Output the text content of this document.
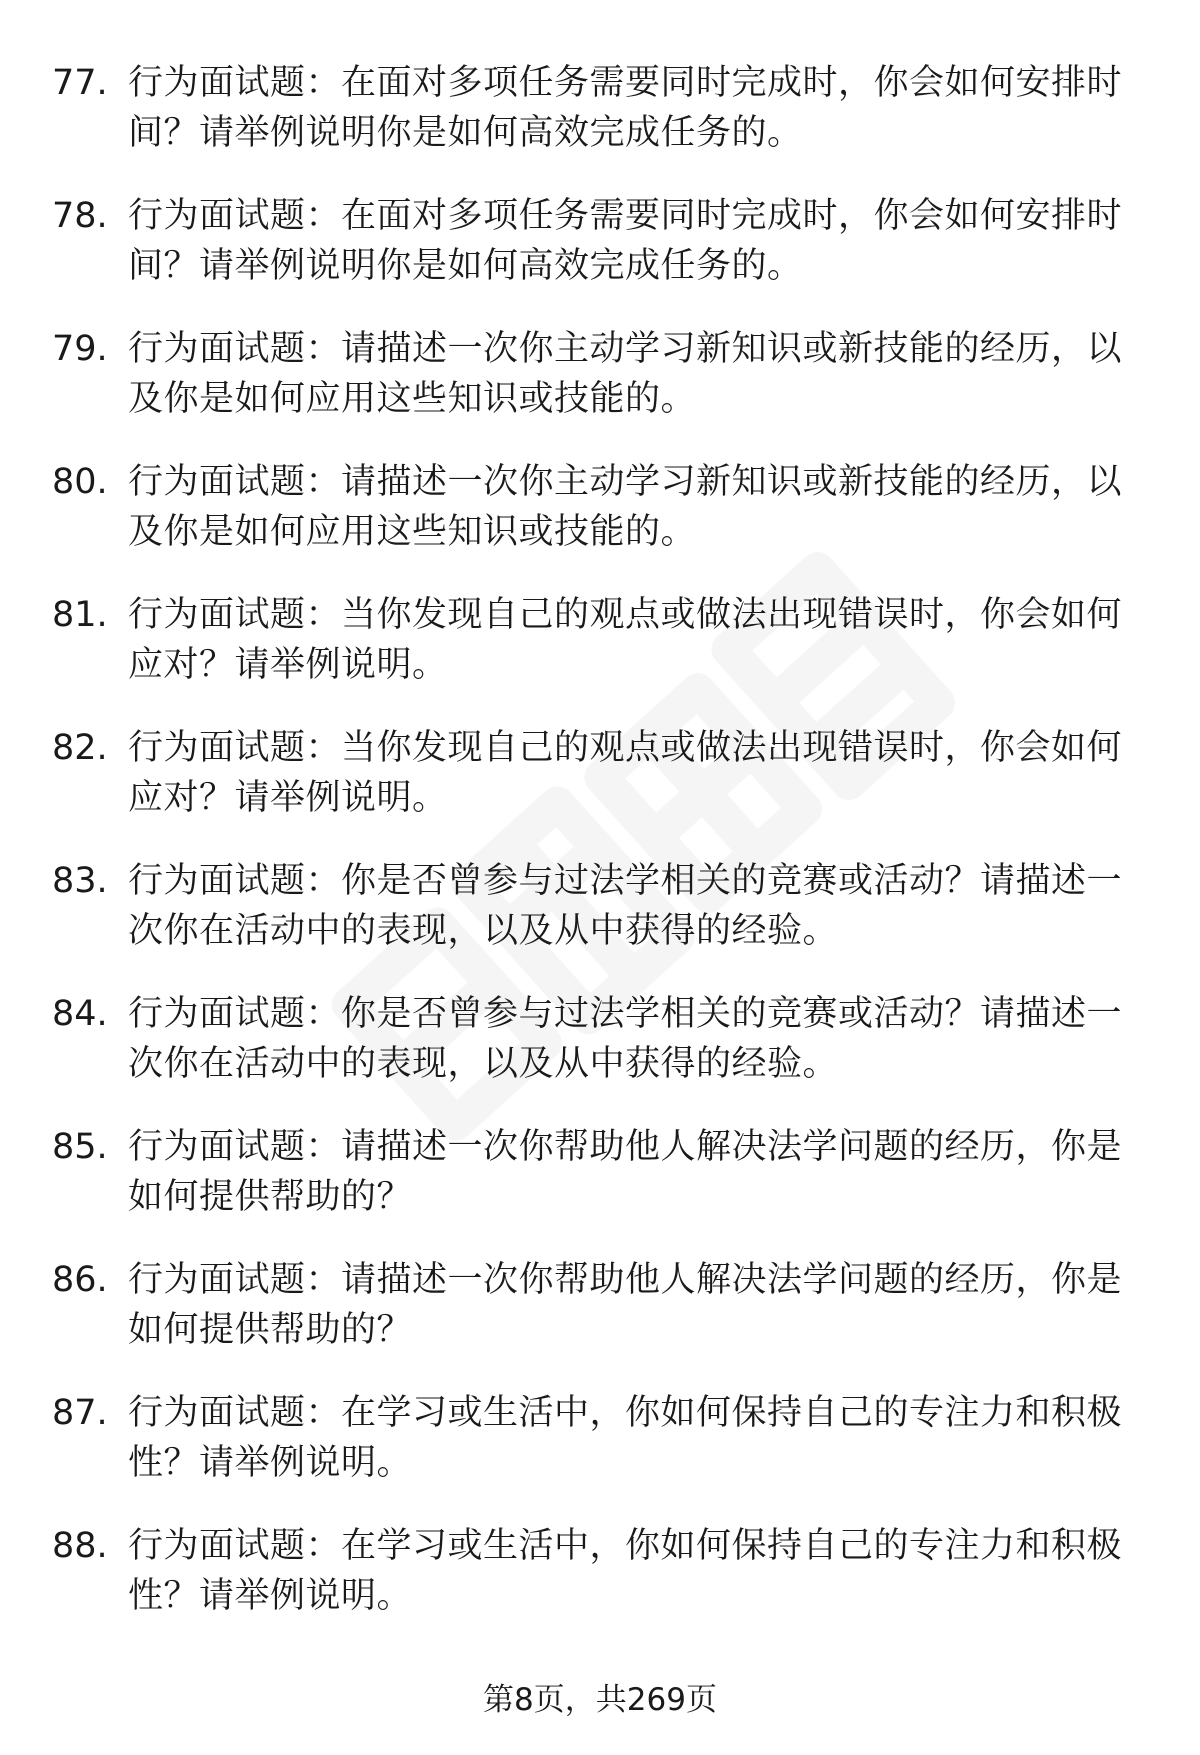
77. 行为面试题：在面对多项任务需要同时完成时，你会如何安排时间？请举例说明你是如何高效完成任务的。
78. 行为面试题：在面对多项任务需要同时完成时，你会如何安排时间？请举例说明你是如何高效完成任务的。
79. 行为面试题：请描述一次你主动学习新知识或新技能的经历，以及你是如何应用这些知识或技能的。
80. 行为面试题：请描述一次你主动学习新知识或新技能的经历，以及你是如何应用这些知识或技能的。
81. 行为面试题：当你发现自己的观点或做法出现错误时，你会如何应对？请举例说明。
82. 行为面试题：当你发现自己的观点或做法出现错误时，你会如何应对？请举例说明。
83. 行为面试题：你是否曾参与过法学相关的竞赛或活动？请描述一次你在活动中的表现，以及从中获得的经验。
84. 行为面试题：你是否曾参与过法学相关的竞赛或活动？请描述一次你在活动中的表现，以及从中获得的经验。
85. 行为面试题：请描述一次你帮助他人解决法学问题的经历，你是如何提供帮助的？
86. 行为面试题：请描述一次你帮助他人解决法学问题的经历，你是如何提供帮助的？
87. 行为面试题：在学习或生活中，你如何保持自己的专注力和积极性？请举例说明。
88. 行为面试题：在学习或生活中，你如何保持自己的专注力和积极性？请举例说明。
第8页，共269页
